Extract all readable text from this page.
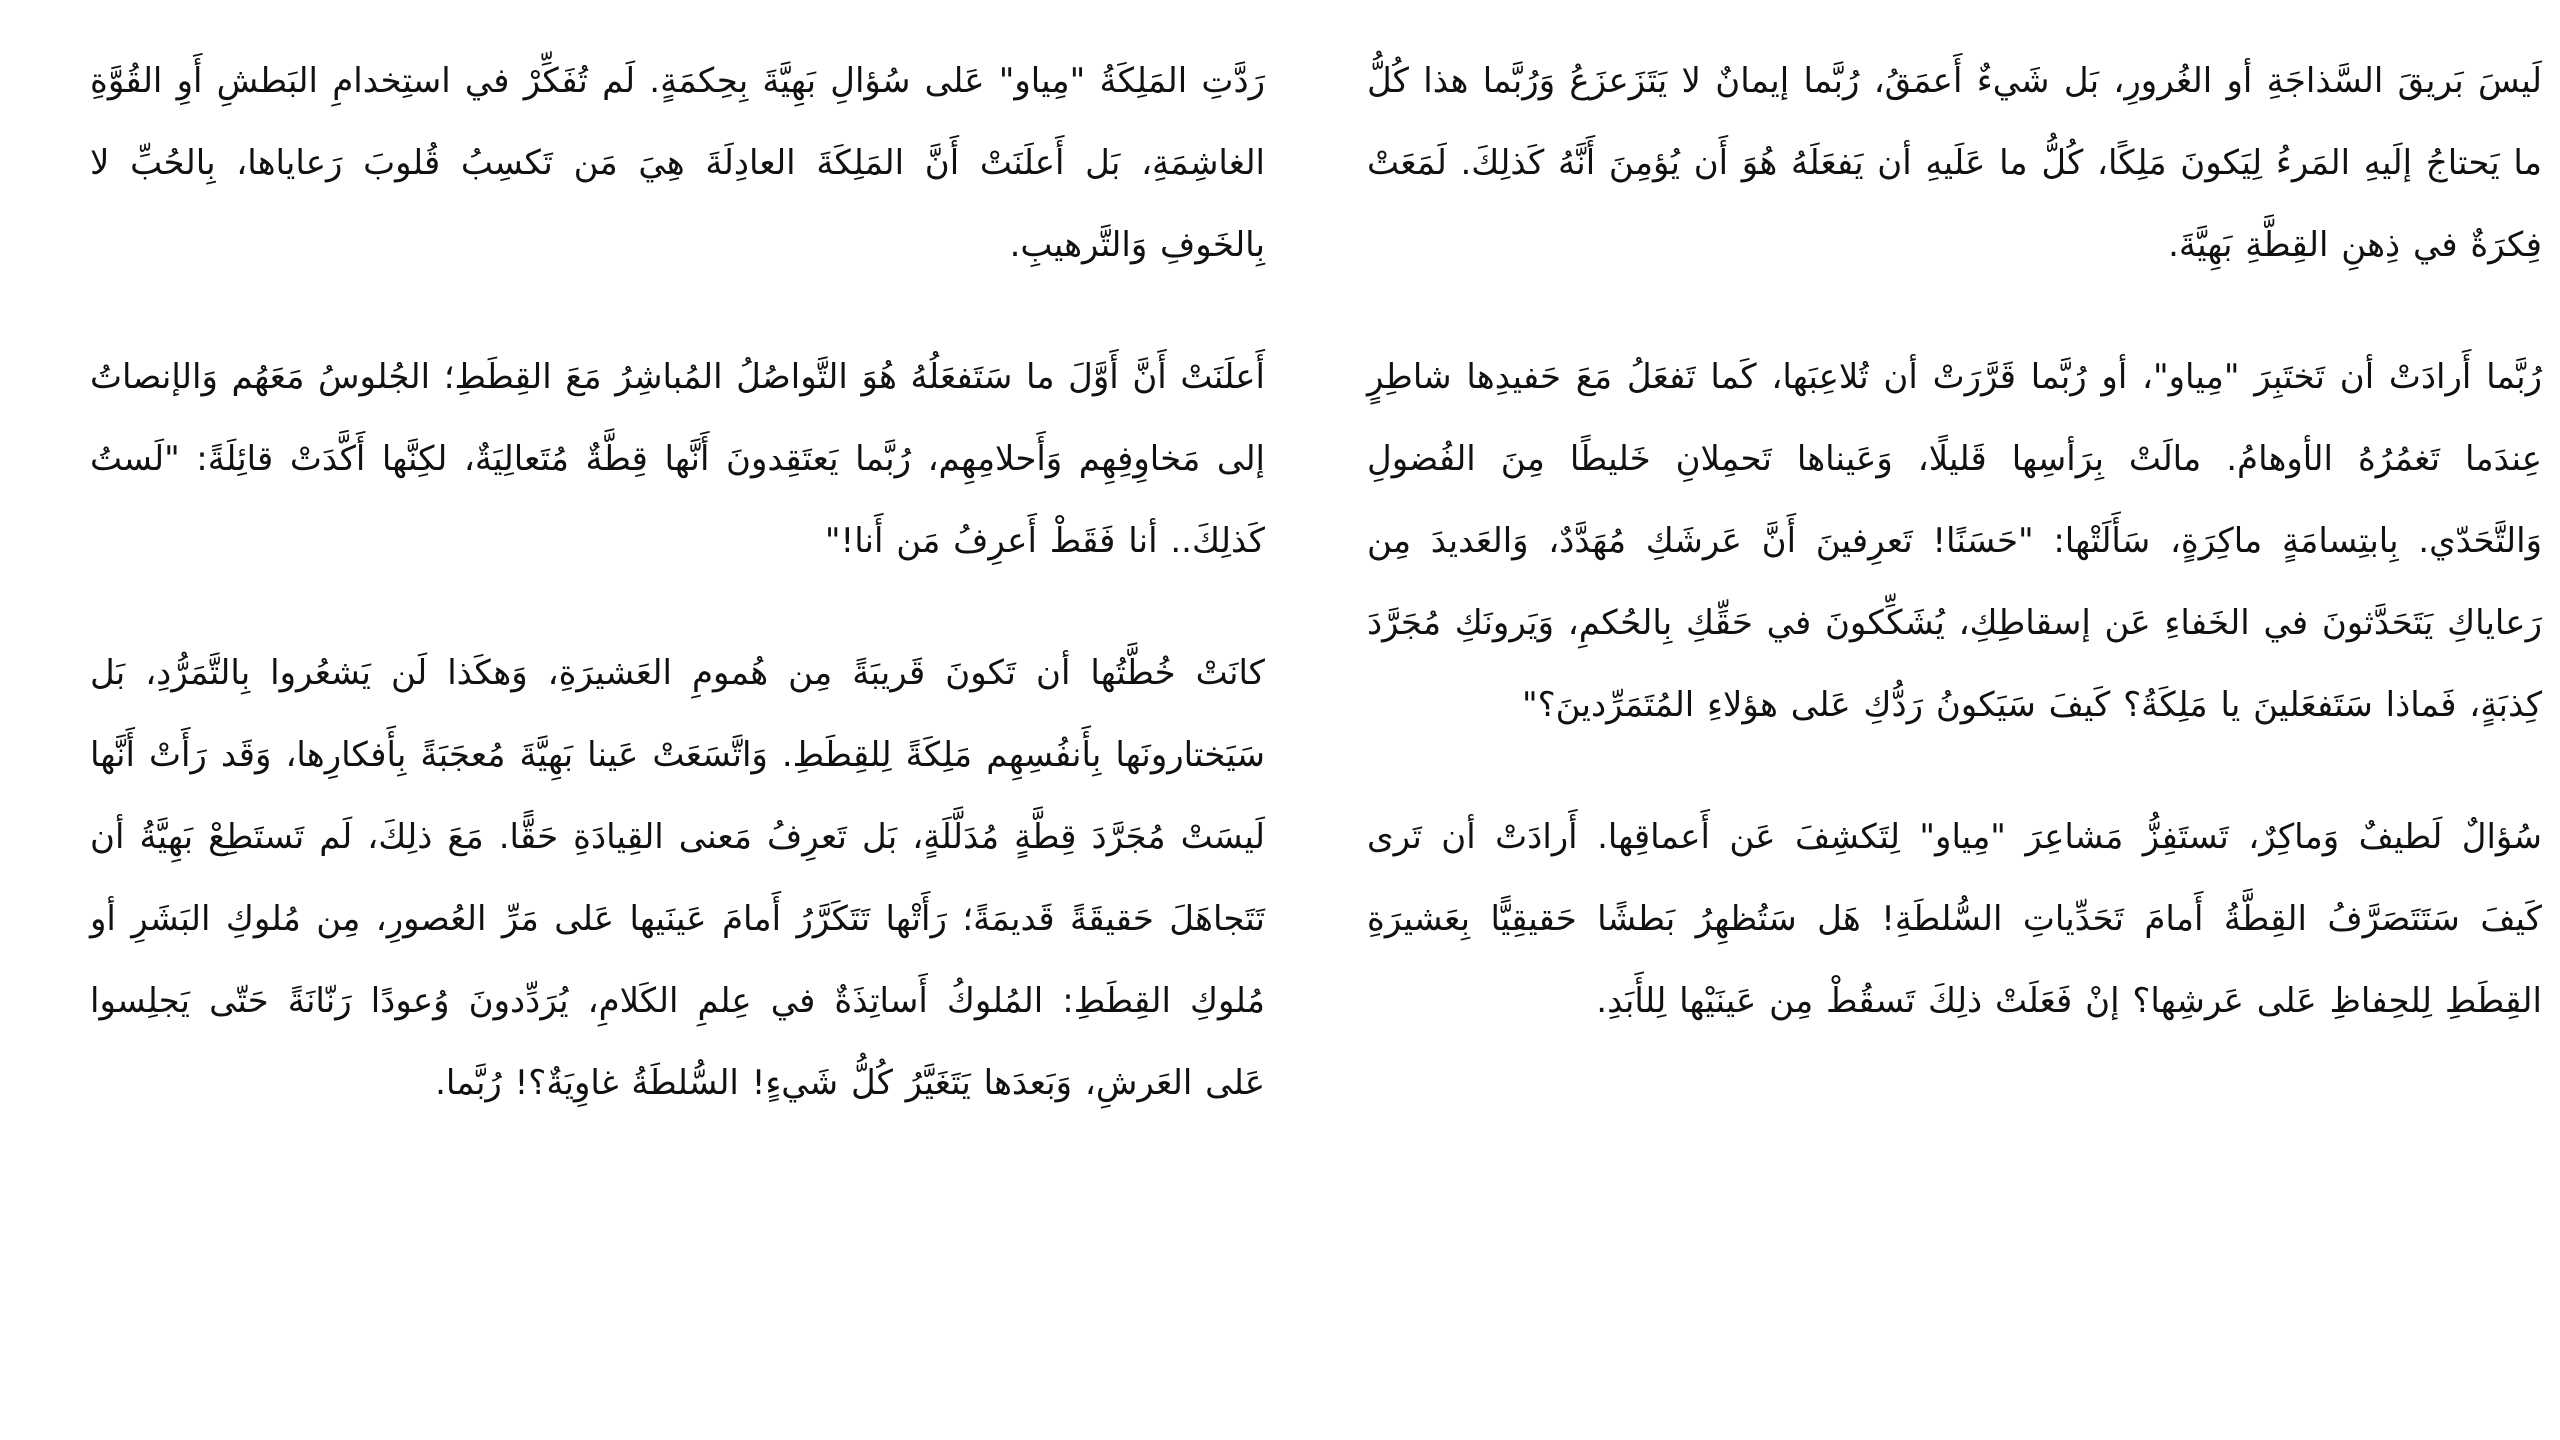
لَيسَ بَريقَ السَّذاجَةِ أو الغُرورِ، بَل شَيءٌ أَعمَقُ، رُبَّما إيمانٌ لا يَتَزَعزَعُ وَرُبَّما هذا كُلُّ ما يَحتاجُ إلَيهِ المَرءُ لِيَكونَ مَلِكًا، كُلُّ ما عَلَيهِ أن يَفعَلَهُ هُوَ أَن يُؤمِنَ أَنَّهُ كَذلِكَ. لَمَعَتْ فِكرَةٌ في ذِهنِ القِطَّةِ بَهِيَّةَ.

رُبَّما أَرادَتْ أن تَختَبِرَ "مِياو"، أو رُبَّما قَرَّرَتْ أن تُلاعِبَها، كَما تَفعَلُ مَعَ حَفيدِها شاطِرٍ عِندَما تَغمُرُهُ الأوهامُ. مالَتْ بِرَأسِها قَليلًا، وَعَيناها تَحمِلانِ خَليطًا مِنَ الفُضولِ وَالتَّحَدّي. بِابتِسامَةٍ ماكِرَةٍ، سَأَلَتْها: "حَسَنًا! تَعرِفينَ أَنَّ عَرشَكِ مُهَدَّدٌ، وَالعَديدَ مِن رَعاياكِ يَتَحَدَّثونَ في الخَفاءِ عَن إسقاطِكِ، يُشَكِّكونَ في حَقِّكِ بِالحُكمِ، وَيَرونَكِ مُجَرَّدَ كِذبَةٍ، فَماذا سَتَفعَلينَ يا مَلِكَةُ؟ كَيفَ سَيَكونُ رَدُّكِ عَلى هؤلاءِ المُتَمَرِّدينَ؟"

سُؤالٌ لَطيفٌ وَماكِرٌ، تَستَفِزُّ مَشاعِرَ "مِياو" لِتَكشِفَ عَن أَعماقِها. أَرادَتْ أن تَرى كَيفَ سَتَتَصَرَّفُ القِطَّةُ أَمامَ تَحَدِّياتِ السُّلطَةِ! هَل سَتُظهِرُ بَطشًا حَقيقِيًّا بِعَشيرَةِ القِطَطِ لِلحِفاظِ عَلى عَرشِها؟ إنْ فَعَلَتْ ذلِكَ تَسقُطْ مِن عَينَيْها لِلأَبَدِ.

رَدَّتِ المَلِكَةُ "مِياو" عَلى سُؤالِ بَهِيَّةَ بِحِكمَةٍ. لَم تُفَكِّرْ في استِخدامِ البَطشِ أَوِ القُوَّةِ الغاشِمَةِ، بَل أَعلَنَتْ أَنَّ المَلِكَةَ العادِلَةَ هِيَ مَن تَكسِبُ قُلوبَ رَعاياها، بِالحُبِّ لا بِالخَوفِ وَالتَّرهيبِ.

أَعلَنَتْ أَنَّ أَوَّلَ ما سَتَفعَلُهُ هُوَ التَّواصُلُ المُباشِرُ مَعَ القِطَطِ؛ الجُلوسُ مَعَهُم وَالإنصاتُ إلى مَخاوِفِهِم وَأَحلامِهِم، رُبَّما يَعتَقِدونَ أَنَّها قِطَّةٌ مُتَعالِيَةٌ، لكِنَّها أَكَّدَتْ قائِلَةً: "لَستُ كَذلِكَ.. أنا فَقَطْ أَعرِفُ مَن أَنا!"

كانَتْ خُطَّتُها أن تَكونَ قَريبَةً مِن هُمومِ العَشيرَةِ، وَهكَذا لَن يَشعُروا بِالتَّمَرُّدِ، بَل سَيَختارونَها بِأَنفُسِهِم مَلِكَةً لِلقِطَطِ. وَاتَّسَعَتْ عَينا بَهِيَّةَ مُعجَبَةً بِأَفكارِها، وَقَد رَأَتْ أَنَّها لَيسَتْ مُجَرَّدَ قِطَّةٍ مُدَلَّلَةٍ، بَل تَعرِفُ مَعنى القِيادَةِ حَقًّا. مَعَ ذلِكَ، لَم تَستَطِعْ بَهِيَّةُ أن تَتَجاهَلَ حَقيقَةً قَديمَةً؛ رَأَتْها تَتَكَرَّرُ أَمامَ عَينَيها عَلى مَرِّ العُصورِ، مِن مُلوكِ البَشَرِ أو مُلوكِ القِطَطِ: المُلوكُ أَساتِذَةٌ في عِلمِ الكَلامِ، يُرَدِّدونَ وُعودًا رَنّانَةً حَتّى يَجلِسوا عَلى العَرشِ، وَبَعدَها يَتَغَيَّرُ كُلُّ شَيءٍ! السُّلطَةُ غاوِيَةٌ؟! رُبَّما.
